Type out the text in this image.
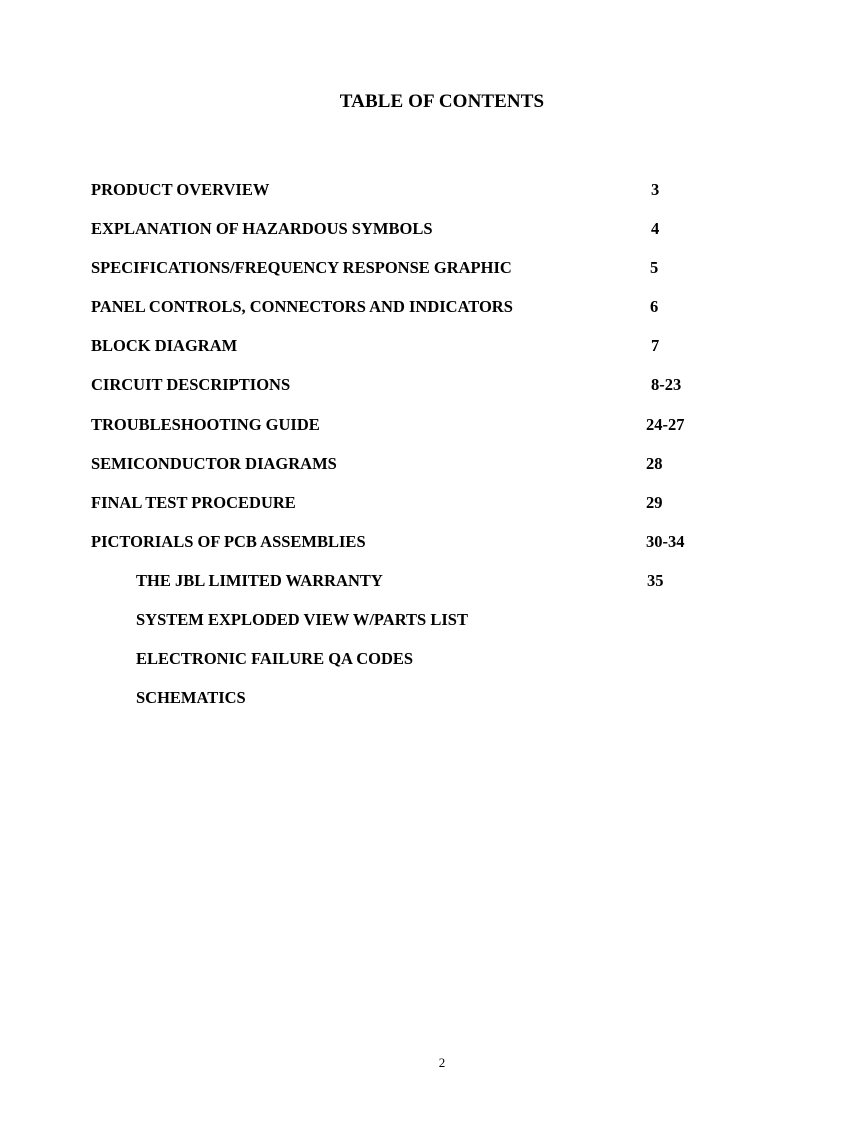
TABLE OF CONTENTS
PRODUCT OVERVIEW	3
EXPLANATION OF HAZARDOUS SYMBOLS	4
SPECIFICATIONS/FREQUENCY RESPONSE GRAPHIC	5
PANEL CONTROLS, CONNECTORS AND INDICATORS	6
BLOCK DIAGRAM	7
CIRCUIT DESCRIPTIONS	8-23
TROUBLESHOOTING GUIDE	24-27
SEMICONDUCTOR DIAGRAMS	28
FINAL TEST PROCEDURE	29
PICTORIALS OF PCB ASSEMBLIES	30-34
THE JBL LIMITED WARRANTY	35
SYSTEM EXPLODED VIEW W/PARTS LIST
ELECTRONIC FAILURE QA CODES
SCHEMATICS
2
